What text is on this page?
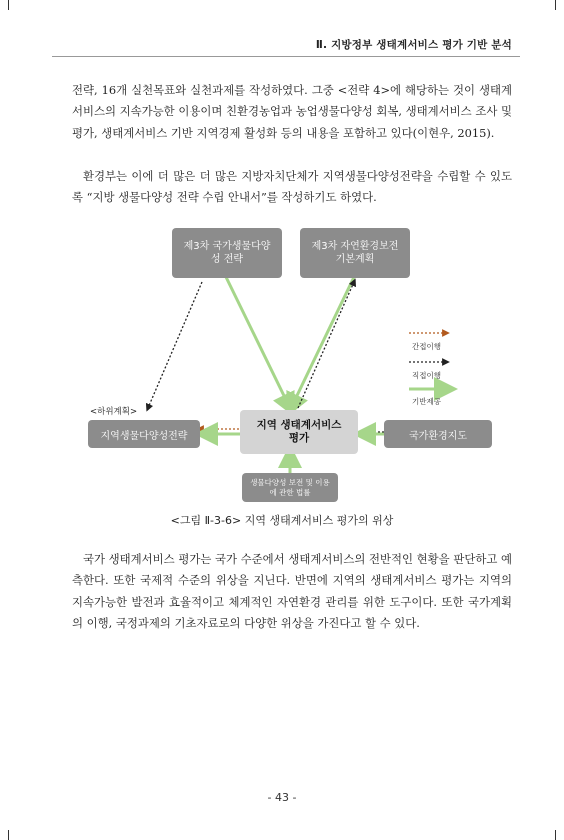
Ⅱ. 지방정부 생태계서비스 평가 기반 분석

전략, 16개 실천목표와 실천과제를 작성하였다. 그중 <전략 4>에 해당하는 것이 생태계서비스의 지속가능한 이용이며 친환경농업과 농업생물다양성 회복, 생태계서비스 조사 및 평가, 생태계서비스 기반 지역경제 활성화 등의 내용을 포함하고 있다(이현우, 2015).

환경부는 이에 더 많은 더 많은 지방자치단체가 지역생물다양성전략을 수립할 수 있도록 “지방 생물다양성 전략 수립 안내서”를 작성하기도 하였다.

제3차 국가생물다양성 전략
제3차 자연환경보전 기본계획
지역 생태계서비스 평가
지역생물다양성전략	국가환경지도
생물다양성 보전 및 이용에 관한 법률
<하위계획>
간접이행
직접이행
기반제공
<그림 Ⅱ-3-6> 지역 생태계서비스 평가의 위상

국가 생태계서비스 평가는 국가 수준에서 생태계서비스의 전반적인 현황을 판단하고 예측한다. 또한 국제적 수준의 위상을 지닌다. 반면에 지역의 생태계서비스 평가는 지역의 지속가능한 발전과 효율적이고 체계적인 자연환경 관리를 위한 도구이다. 또한 국가계획의 이행, 국정과제의 기초자료로의 다양한 위상을 가진다고 할 수 있다.

- 43 -
